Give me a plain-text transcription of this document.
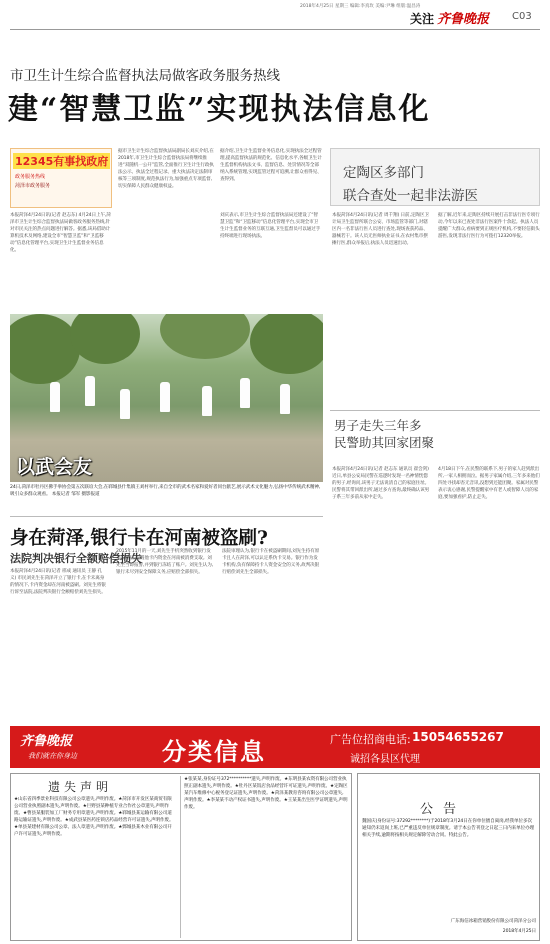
2018年4月25日 星期三 编辑:李真玫 美编:尹琳 组版:温昌涛
关注 齐鲁晚报	C03
市卫生计生综合监督执法局做客政务服务热线
建“智慧卫监”实现执法信息化
12345有事找政府
政务服务热线
菏泽市政务服务
本报菏泽4月24日讯(记者 赵志东) 4月24日上午,菏泽市卫生计生综合监督执法局做客政务服务热线,针对市民关注的热点问题进行解答。据悉,该局借助计算机技术及网络,建设全市“智慧卫监”和“卫监移动”信息化管理平台,实现卫生计生监督业务信息化。
据市卫生计生综合监督执法局副局长刘庆介绍,在2018年,市卫生计生综合监督执法局将继续推进“双随机一公开”监管,全面推行卫生计生行政执法公示、执法全过程记录、重大执法决定法制审核等三项制度,规范执法行为,加强重点专项监督,切实保障人民群众健康权益。
据介绍,卫生计生监督业务信息化,实现执法全过程管理,提高监督执法的规范化、信息化水平,各级卫生计生监督机构执法文书、监督信息、处罚情况等全部纳入系统管理,实现监管过程可追溯,让群众看得见、查得到。
刘庆表示,市卫生计生综合监督执法局还建设了“智慧卫监”和“卫监移动”信息化管理平台,实现全市卫生计生监督业务的互联互通,卫生监督员可以通过手持终端进行现场执法。
以武会友
24日,菏泽市牡丹区佛手拳协会第五次联谊大会,在郓城县什集镇王刘村举行,来自全市的武术名家和爱好者同台献艺,展示武术文化魅力,弘扬中华传统武术精神,吸引众多群众观看。 本报记者 邹军 摄影报道
定陶区多部门
联合查处一起非法游医
本报菏泽4月24日讯(记者 周千翔) 日前,定陶区卫计局卫生监督所联合公安、市场监管等部门,对辖区内一名非法行医人员进行查处,现场查获药品、器械若干。该人员无医师执业证书,在农村集市摆摊行医,群众举报后,执法人员迅速出动。
据了解,近年来,定陶区持续开展打击非法行医专项行动,今年以来已查处非法行医案件十余起。执法人员提醒广大群众,看病要到正规医疗机构,不要轻信街头游医,发现非法行医行为可拨打12320举报。
男子走失三年多
民警助其回家团聚
本报菏泽4月24日讯(记者 赵志东 通讯员 翟会剑) 近日,单县公安局民警在巡逻时发现一名神情恍惚的男子,经询问,该男子无法说清自己的家庭住址。民警将其带回派出所,通过多方查询,最终确认该男子系三年多前从家中走失。
4月18日下午,在民警的联系下,男子的家人赶到派出所,一家人相拥而泣。据男子家属介绍,三年多来他们四处寻找却杳无音讯,没想到还能团聚。家属对民警表示衷心感谢,民警提醒家中有老人或智障人员的家庭,要加强看护,防止走失。
身在菏泽,银行卡在河南被盗刷?
法院判决银行全额赔偿损失
本报菏泽4月24日讯(记者 邢成 通讯员 王静 孔义) 市民刘先生在菏泽开立了银行卡,在卡未离身的情况下,卡内资金却在河南被盗刷。刘先生将银行诉至法院,法院判决银行全额赔偿刘先生损失。
2015年11月的一天,刘先生手机突然收到银行发来的短信,提醒他卡内资金在河南被消费支取。刘先生当即报警,并到银行冻结了账户。刘先生认为,银行未尽到安全保障义务,应赔偿全部损失。
法院审理认为,银行卡在被盗刷期间,刘先生持有原卡且人在菏泽,可以认定系伪卡交易。银行作为发卡机构,负有保障持卡人资金安全的义务,故判决银行赔偿刘先生全部损失。
齐鲁晚报
我们就在你身边	分类信息	广告位招商电话: 15054655267
诚招各县区代理
遗失声明
★山东省四季景业科技有限公司公章遗失,声明作废。★菏泽市开发区某商贸有限公司营业执照副本遗失,声明作废。★巨野县某种植专业合作社公章遗失,声明作废。★曹县某服装加工厂财务专用章遗失,声明作废。★郓城县某运输有限公司道路运输证遗失,声明作废。★成武县某医药连锁店药品经营许可证遗失,声明作废。★单县某建材有限公司公章、法人章遗失,声明作废。★鄄城县某木业有限公司开户许可证遗失,声明作废。
★张某某,身份证号372**********遗失,声明作废。★东明县某农资有限公司营业执照正副本遗失,声明作废。★牡丹区某饭店食品经营许可证遗失,声明作废。★定陶区某汽车维修中心税务登记证遗失,声明作废。★菏泽某教育咨询有限公司公章遗失,声明作废。★李某某不动产权证书遗失,声明作废。★王某某出生医学证明遗失,声明作废。	公告
魏国庆(身份证号:37292********)于2018年3月24日在你单位擅自离岗,经我单位多次通知仍未返岗上班,已严重违反单位规章制度。请于本公告刊登之日起三日内来单位办理相关手续,逾期将按相关规定解除劳动合同。特此公告。
广东海信冰箱营销股份有限公司菏泽分公司
2018年4月25日
